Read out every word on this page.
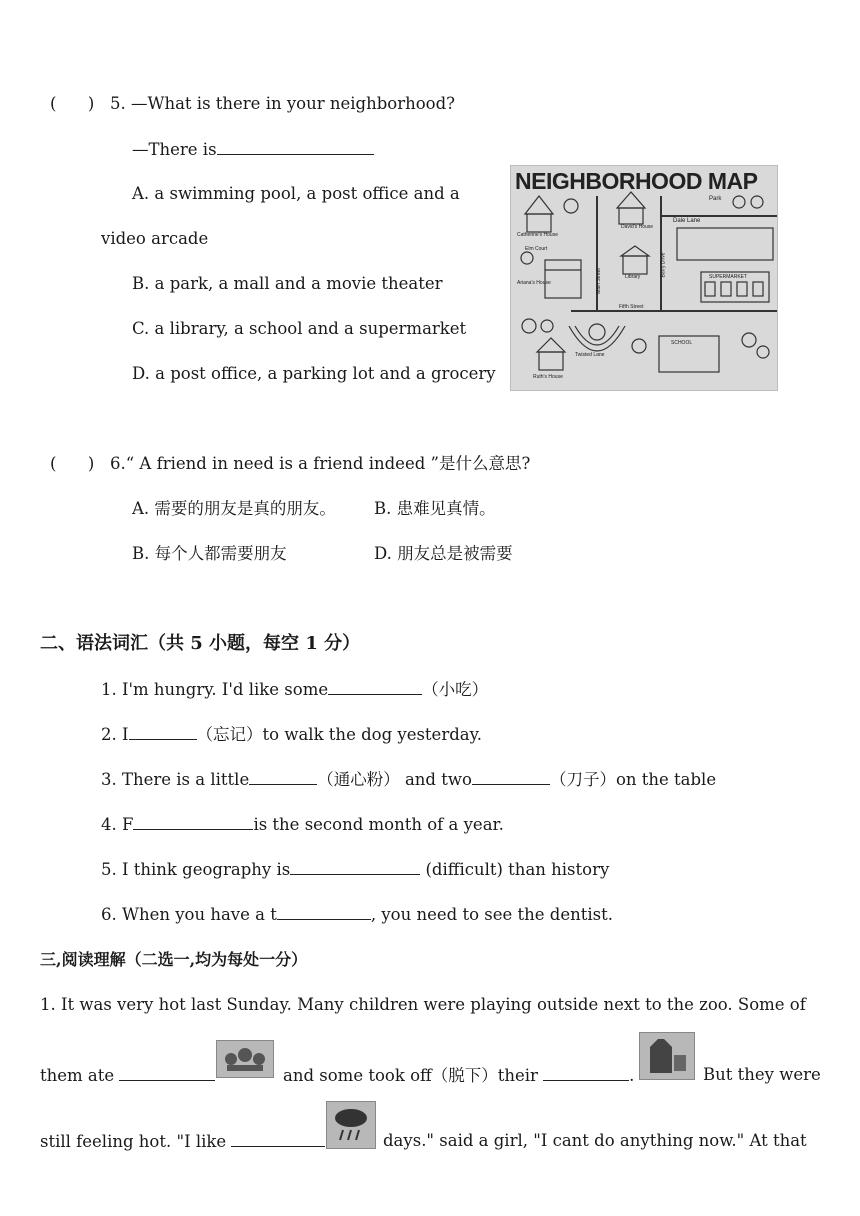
(      ) 5. —What is there in your neighborhood?
—There is
A. a swimming pool, a post office and a
video arcade
B. a park, a mall and a movie theater
C. a library, a school and a supermarket
D. a post office, a parking lot and a grocery
NEIGHBORHOOD MAP
Park
Dale Lane
Catherine's House
David's House
Elm Court
Main Street	Library	Barry Drive	SUPERMARKET
Ariana's House
Fifth Street
Twisted Lane
SCHOOL
Ruth's House
(      ) 6.“ A friend in need is a friend indeed ”是什么意思?
A. 需要的朋友是真的朋友。 B. 患难见真情。
B. 每个人都需要朋友	D. 朋友总是被需要
二、语法词汇（共 5 小题，每空 1 分）
1. I'm hungry. I'd like some	（小吃）
2. I	（忘记）to walk the dog yesterday.
3. There is a little	（通心粉） and two	（刀子）on the table
4. F	is the second month of a year.
5. I think geography is	(difficult) than history
6. When you have a t	, you need to see the dentist.
三,阅读理解（二选一,均为每处一分）
1. It was very hot last Sunday. Many children were playing outside next to the zoo. Some of
them ate	and some took off（脱下）their	.	But they were
still feeling hot. "I like	days." said a girl, "I cant do anything now." At that
